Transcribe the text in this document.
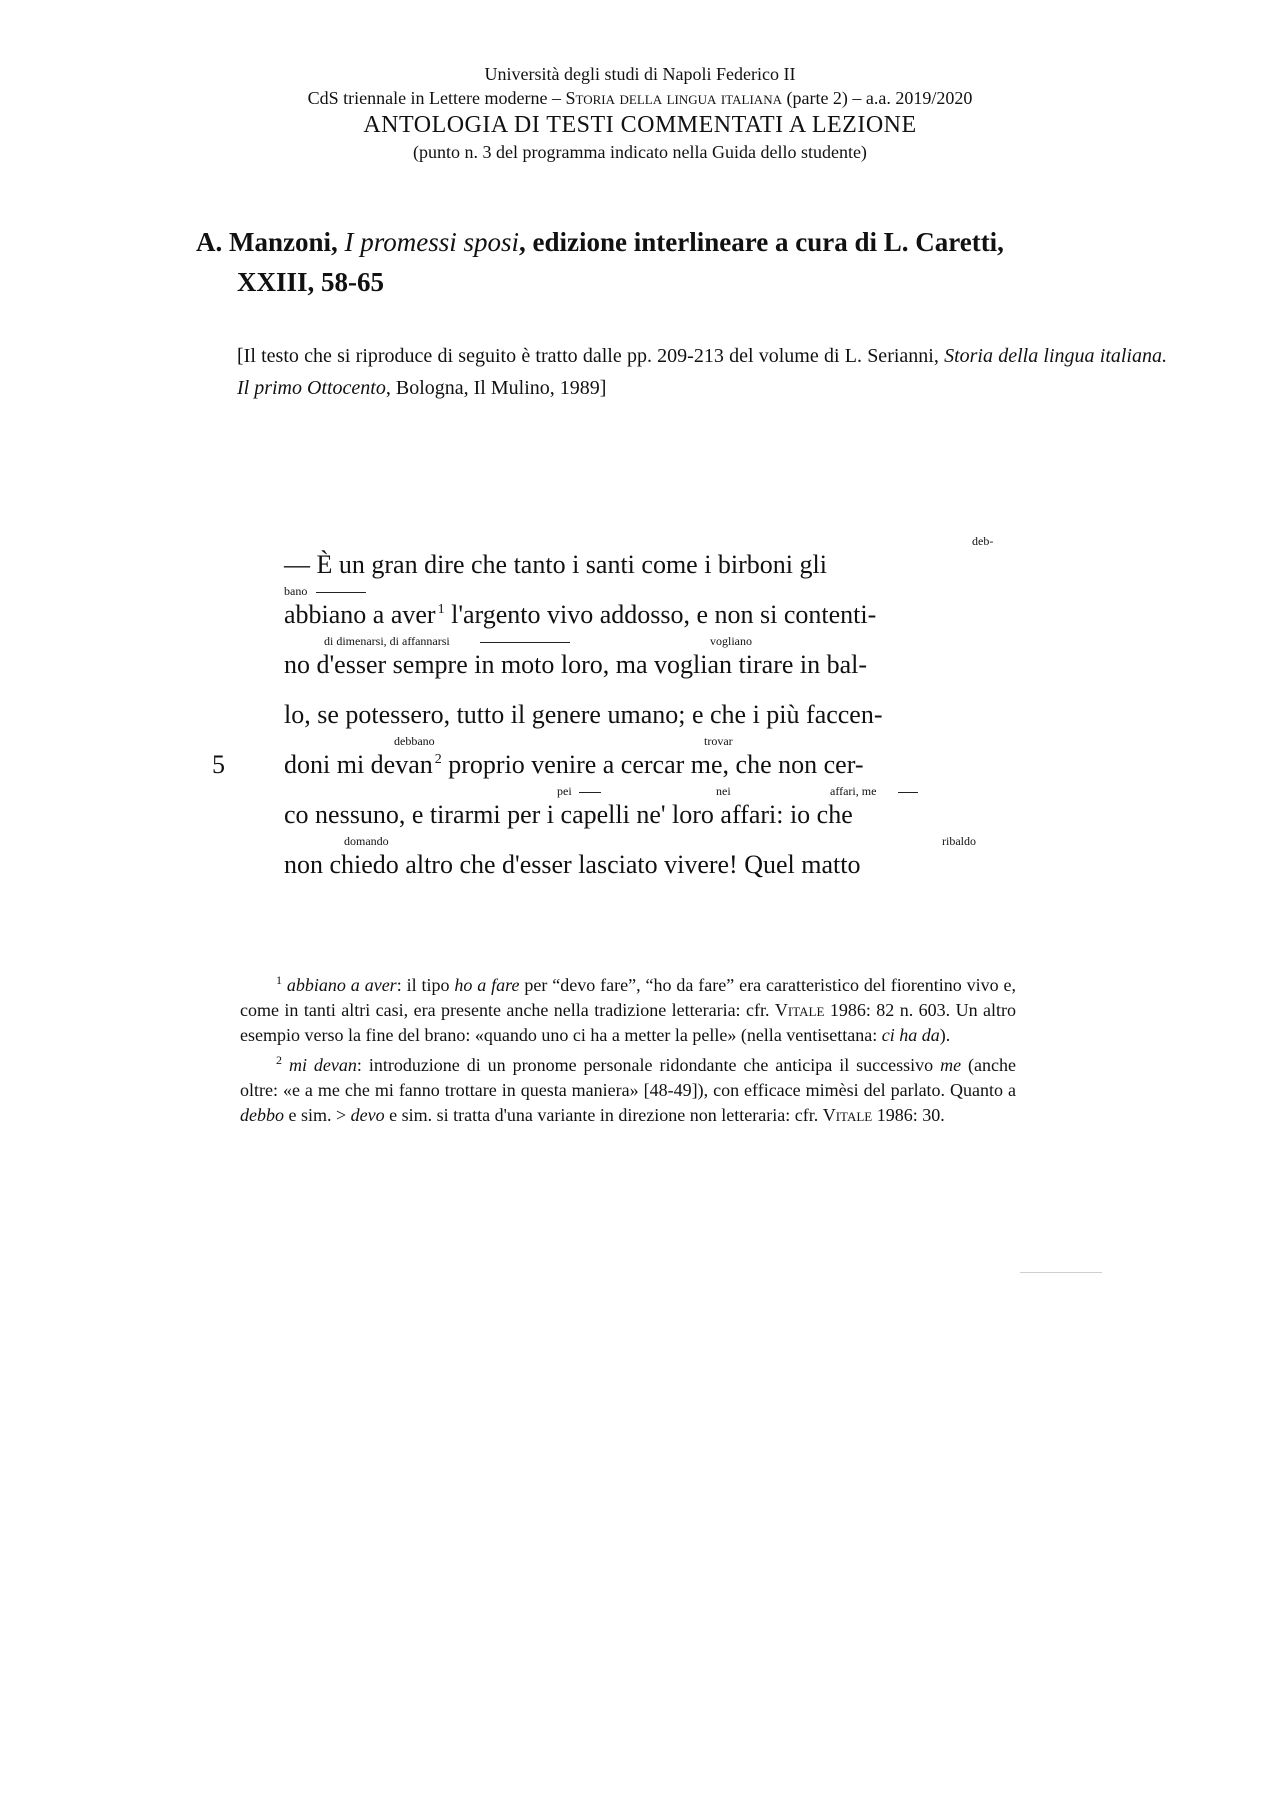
Università degli studi di Napoli Federico II
CdS triennale in Lettere moderne – Storia della lingua italiana (parte 2) – a.a. 2019/2020
ANTOLOGIA DI TESTI COMMENTATI A LEZIONE
(punto n. 3 del programma indicato nella Guida dello studente)
A. Manzoni, I promessi sposi, edizione interlineare a cura di L. Caretti,
XXIII, 58-65
[Il testo che si riproduce di seguito è tratto dalle pp. 209-213 del volume di L. Serianni, Storia della lingua italiana. Il primo Ottocento, Bologna, Il Mulino, 1989]
deb-
— È un gran dire che tanto i santi come i birboni gli
bano
abbiano a aver $^1$ l'argento vivo addosso, e non si contenti-
di dimenarsi, di affannarsi	vogliano
no d'esser sempre in moto loro, ma voglian tirare in bal-
lo, se potessero, tutto il genere umano; e che i più faccen-
5
debbano	trovar
doni mi devan $^2$ proprio venire a cercar me, che non cer-
pei	nei	affari, me
co nessuno, e tirarmi per i capelli ne' loro affari: io che
domando	ribaldo
non chiedo altro che d'esser lasciato vivere! Quel matto

$^1$ abbiano a aver: il tipo ho a fare per “devo fare”, “ho da fare” era caratteristico del fiorentino vivo e, come in tanti altri casi, era presente anche nella tradizione letteraria: cfr. Vitale 1986: 82 n. 603. Un altro esempio verso la fine del brano: «quando uno ci ha a metter la pelle» (nella ventisettana: ci ha da).

$^2$ mi devan: introduzione di un pronome personale ridondante che anticipa il successivo me (anche oltre: «e a me che mi fanno trottare in questa maniera» [48-49]), con efficace mimèsi del parlato. Quanto a debbo e sim. > devo e sim. si tratta d'una variante in direzione non letteraria: cfr. Vitale 1986: 30.
